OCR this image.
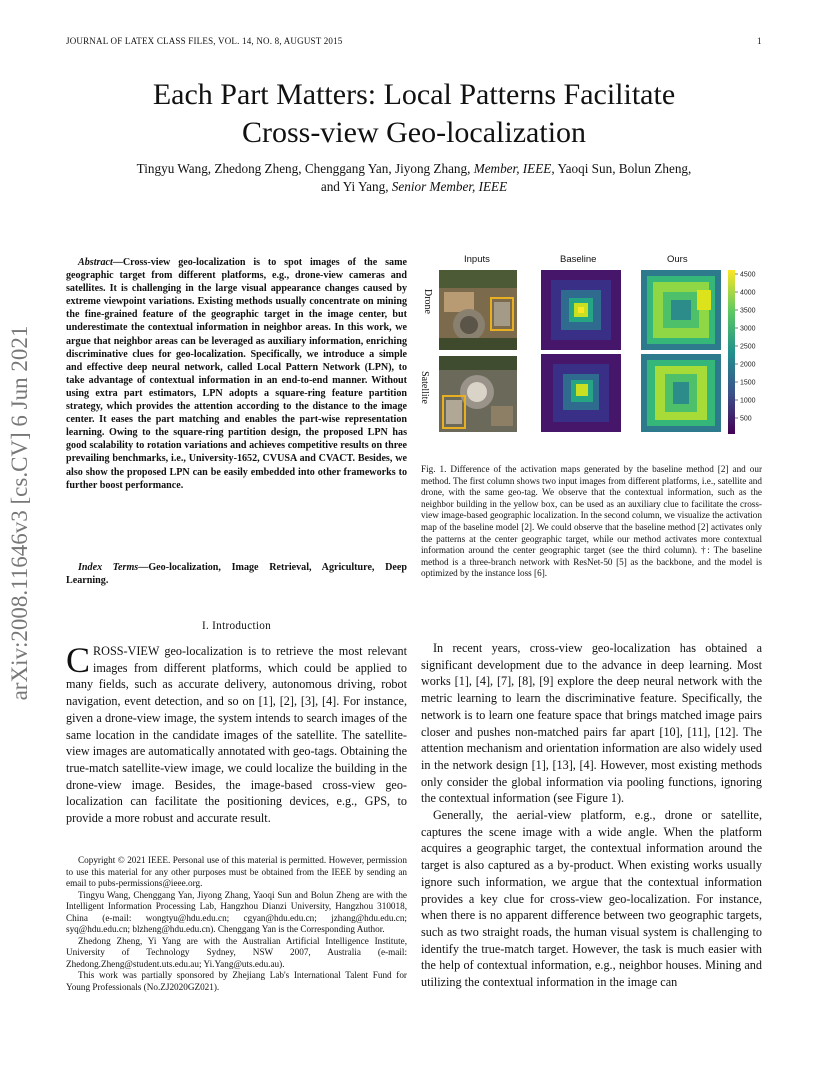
JOURNAL OF LATEX CLASS FILES, VOL. 14, NO. 8, AUGUST 2015	1
arXiv:2008.11646v3 [cs.CV] 6 Jun 2021
Each Part Matters: Local Patterns Facilitate
Cross-view Geo-localization
Tingyu Wang, Zhedong Zheng, Chenggang Yan, Jiyong Zhang, Member, IEEE, Yaoqi Sun, Bolun Zheng,
and Yi Yang, Senior Member, IEEE
Abstract—Cross-view geo-localization is to spot images of the same geographic target from different platforms, e.g., drone-view cameras and satellites. It is challenging in the large visual appearance changes caused by extreme viewpoint variations. Existing methods usually concentrate on mining the fine-grained feature of the geographic target in the image center, but underestimate the contextual information in neighbor areas. In this work, we argue that neighbor areas can be leveraged as auxiliary information, enriching discriminative clues for geo-localization. Specifically, we introduce a simple and effective deep neural network, called Local Pattern Network (LPN), to take advantage of contextual information in an end-to-end manner. Without using extra part estimators, LPN adopts a square-ring feature partition strategy, which provides the attention according to the distance to the image center. It eases the part matching and enables the part-wise representation learning. Owing to the square-ring partition design, the proposed LPN has good scalability to rotation variations and achieves competitive results on three prevailing benchmarks, i.e., University-1652, CVUSA and CVACT. Besides, we also show the proposed LPN can be easily embedded into other frameworks to further boost performance.
Index Terms—Geo-localization, Image Retrieval, Agriculture, Deep Learning.
I. Introduction
CROSS-VIEW geo-localization is to retrieve the most relevant images from different platforms, which could be applied to many fields, such as accurate delivery, autonomous driving, robot navigation, event detection, and so on [1], [2], [3], [4]. For instance, given a drone-view image, the system intends to search images of the same location in the candidate images of the satellite. The satellite-view images are automatically annotated with geo-tags. Obtaining the true-match satellite-view image, we could localize the building in the drone-view image. Besides, the image-based cross-view geo-localization can facilitate the positioning devices, e.g., GPS, to provide a more robust and accurate result.

Copyright © 2021 IEEE. Personal use of this material is permitted. However, permission to use this material for any other purposes must be obtained from the IEEE by sending an email to pubs-permissions@ieee.org.

Tingyu Wang, Chenggang Yan, Jiyong Zhang, Yaoqi Sun and Bolun Zheng are with the Intelligent Information Processing Lab, Hangzhou Dianzi University, Hangzhou 310018, China (e-mail: wongtyu@hdu.edu.cn; cgyan@hdu.edu.cn; jzhang@hdu.edu.cn; syq@hdu.edu.cn; blzheng@hdu.edu.cn). Chenggang Yan is the Corresponding Author.

Zhedong Zheng, Yi Yang are with the Australian Artificial Intelligence Institute, University of Technology Sydney, NSW 2007, Australia (e-mail: Zhedong.Zheng@student.uts.edu.au; Yi.Yang@uts.edu.au).

This work was partially sponsored by Zhejiang Lab's International Talent Fund for Young Professionals (No.ZJ2020GZ021).

Inputs	Baseline	Ours
Drone
Satellite
4500
4000
3500
3000
2500
2000
1500
1000
500
Fig. 1. Difference of the activation maps generated by the baseline method [2] and our method. The first column shows two input images from different platforms, i.e., satellite and drone, with the same geo-tag. We observe that the contextual information, such as the neighbor building in the yellow box, can be used as an auxiliary clue to facilitate the cross-view image-based geographic localization. In the second column, we visualize the activation map of the baseline model [2]. We could observe that the baseline method [2] activates only the patterns at the center geographic target, while our method activates more contextual information around the center geographic target (see the third column). †: The baseline method is a three-branch network with ResNet-50 [5] as the backbone, and the model is optimized by the instance loss [6].

In recent years, cross-view geo-localization has obtained a significant development due to the advance in deep learning. Most works [1], [4], [7], [8], [9] explore the deep neural network with the metric learning to learn the discriminative feature. Specifically, the network is to learn one feature space that brings matched image pairs closer and pushes non-matched pairs far apart [10], [11], [12]. The attention mechanism and orientation information are also widely used in the network design [1], [13], [4]. However, most existing methods only consider the global information via pooling functions, ignoring the contextual information (see Figure 1).

Generally, the aerial-view platform, e.g., drone or satellite, captures the scene image with a wide angle. When the platform acquires a geographic target, the contextual information around the target is also captured as a by-product. When existing works usually ignore such information, we argue that the contextual information provides a key clue for cross-view geo-localization. For instance, when there is no apparent difference between two geographic targets, such as two straight roads, the human visual system is challenging to identify the true-match target. However, the task is much easier with the help of contextual information, e.g., neighbor houses. Mining and utilizing the contextual information in the image can
